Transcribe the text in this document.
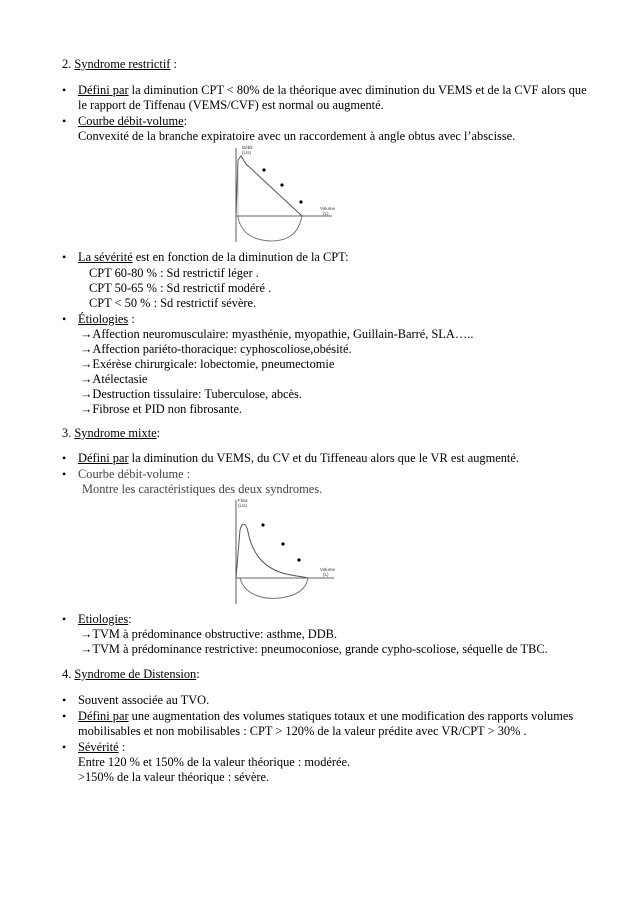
2. Syndrome restrictif :
• Défini par la diminution CPT < 80% de la théorique avec diminution du VEMS et de la CVF alors que
le rapport de Tiffenau (VEMS/CVF) est normal ou augmenté.
• Courbe débit-volume:
Convexité de la branche expiratoire avec un raccordement à angle obtus avec l’abscisse.
Débit
(L/s)
Volume
(L)
• La sévérité est en fonction de la diminution de la CPT:
CPT 60-80 % : Sd restrictif léger .
CPT 50-65 % : Sd restrictif modéré .
CPT < 50 % : Sd restrictif sévère.
• Étiologies :
→Affection neuromusculaire: myasthénie, myopathie, Guillain-Barré, SLA…..
→Affection pariéto-thoracique: cyphoscoliose,obésité.
→Exérèse chirurgicale: lobectomie, pneumectomie
→Atélectasie
→Destruction tissulaire: Tuberculose, abcès.
→Fibrose et PID non fibrosante.
3. Syndrome mixte:
• Défini par la diminution du VEMS, du CV et du Tiffeneau alors que le VR est augmenté.
• Courbe débit-volume :
Montre les caractéristiques des deux syndromes.
Flow
(L/s)
Volume
(L)
• Etiologies:
→TVM à prédominance obstructive: asthme, DDB.
→TVM à prédominance restrictive: pneumoconiose, grande cypho-scoliose, séquelle de TBC.
4. Syndrome de Distension:
• Souvent associée au TVO.
• Défini par une augmentation des volumes statiques totaux et une modification des rapports volumes
mobilisables et non mobilisables : CPT > 120% de la valeur prédite avec VR/CPT > 30% .
• Sévérité :
Entre 120 % et 150% de la valeur théorique : modérée.
>150% de la valeur théorique : sévère.
